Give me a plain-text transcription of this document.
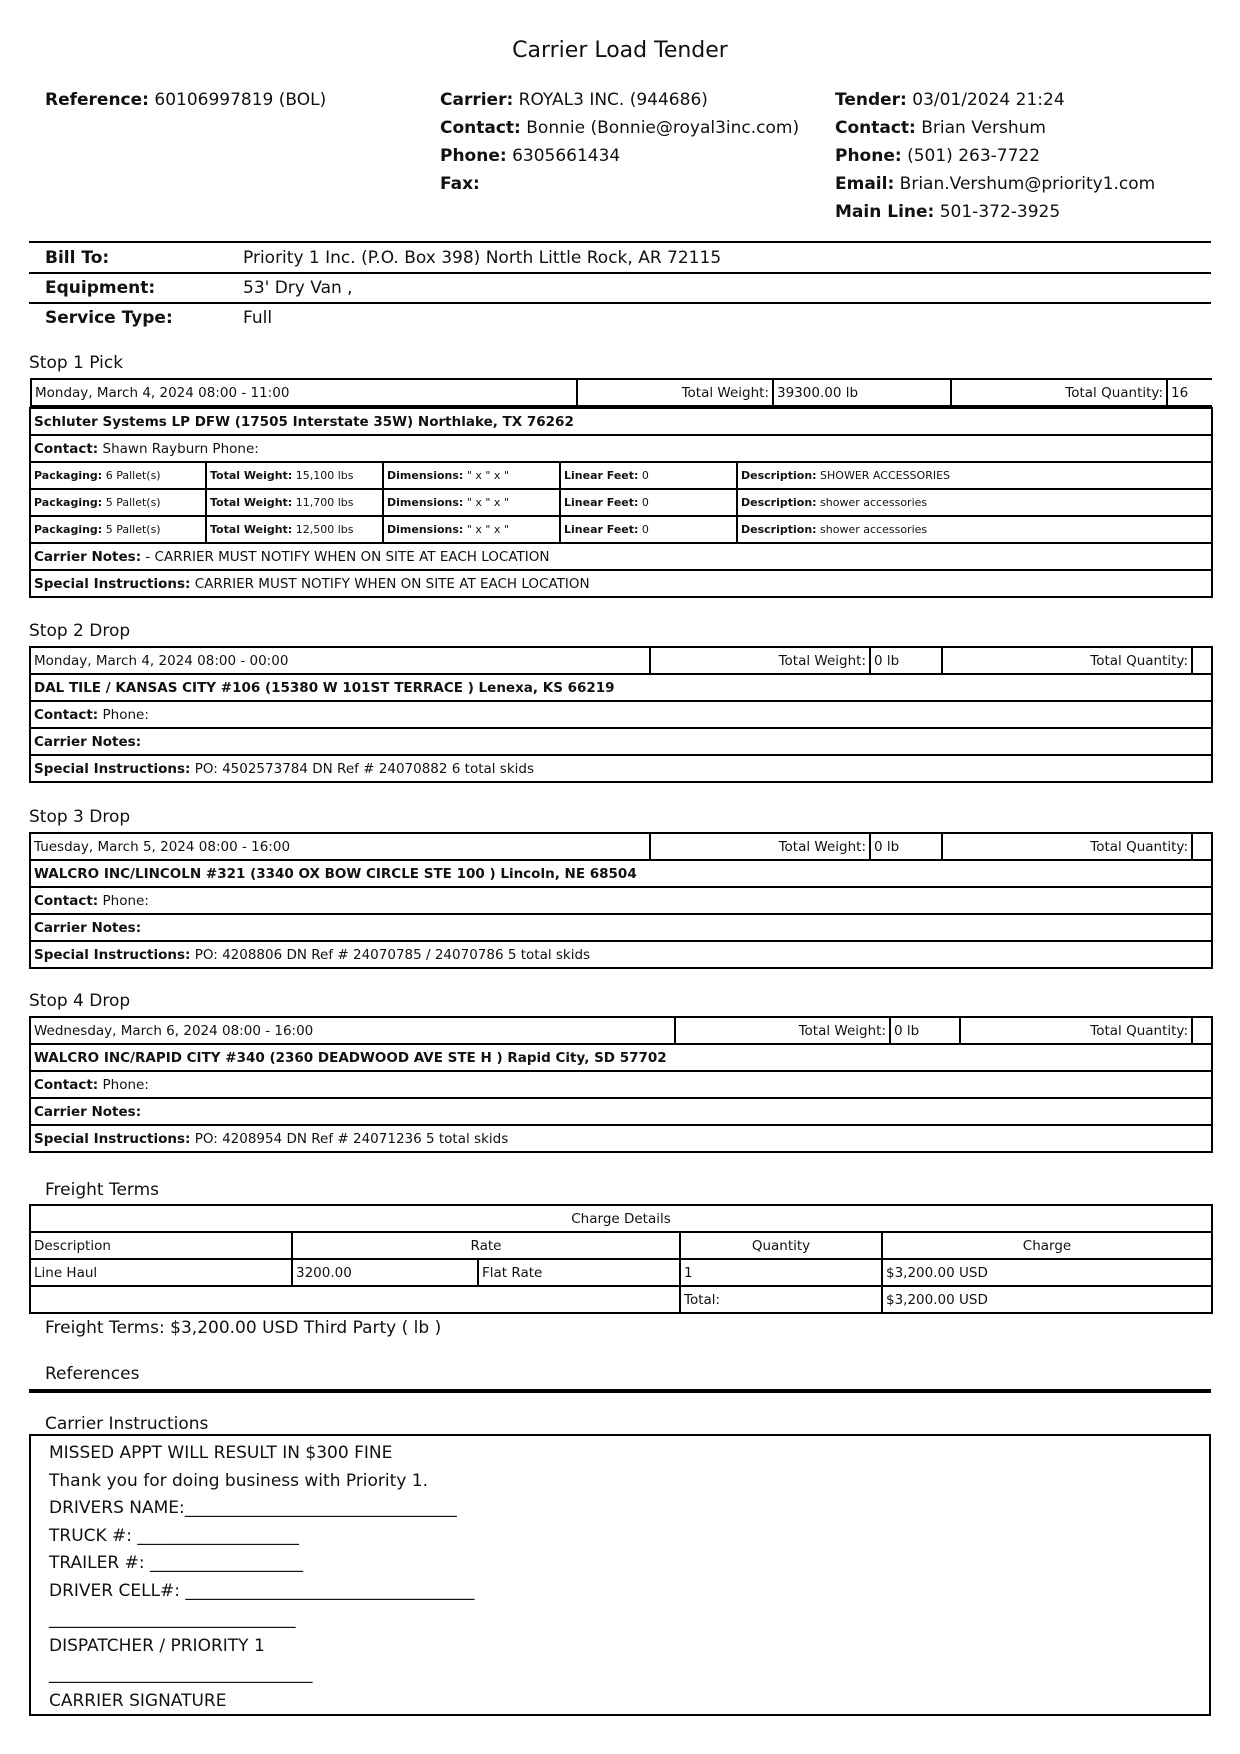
Carrier Load Tender
Reference: 60106997819 (BOL)	Carrier: ROYAL3 INC. (944686)
Contact: Bonnie (Bonnie@royal3inc.com)
Phone: 6305661434
Fax:
Tender: 03/01/2024 21:24
Contact: Brian Vershum
Phone: (501) 263-7722
Email: Brian.Vershum@priority1.com
Main Line: 501-372-3925
Bill To:	Priority 1 Inc. (P.O. Box 398) North Little Rock, AR 72115
Equipment:	53' Dry Van ,
Service Type:	Full
Stop 1 Pick
Monday, March 4, 2024 08:00 - 11:00	Total Weight:	39300.00 lb	Total Quantity:	16

Schluter Systems LP DFW (17505 Interstate 35W) Northlake, TX 76262
Contact: Shawn Rayburn Phone:
Packaging: 6 Pallet(s)	Total Weight: 15,100 lbs	Dimensions: " x " x "	Linear Feet: 0	Description: SHOWER ACCESSORIES
Packaging: 5 Pallet(s)	Total Weight: 11,700 lbs	Dimensions: " x " x "	Linear Feet: 0	Description: shower accessories
Packaging: 5 Pallet(s)	Total Weight: 12,500 lbs	Dimensions: " x " x "	Linear Feet: 0	Description: shower accessories
Carrier Notes: - CARRIER MUST NOTIFY WHEN ON SITE AT EACH LOCATION
Special Instructions: CARRIER MUST NOTIFY WHEN ON SITE AT EACH LOCATION
Stop 2 Drop
Monday, March 4, 2024 08:00 - 00:00	Total Weight:	0 lb	Total Quantity:	
DAL TILE / KANSAS CITY #106 (15380 W 101ST TERRACE ) Lenexa, KS 66219
Contact: Phone:
Carrier Notes:
Special Instructions: PO: 4502573784 DN Ref # 24070882 6 total skids
Stop 3 Drop
Tuesday, March 5, 2024 08:00 - 16:00	Total Weight:	0 lb	Total Quantity:	
WALCRO INC/LINCOLN #321 (3340 OX BOW CIRCLE STE 100 ) Lincoln, NE 68504
Contact: Phone:
Carrier Notes:
Special Instructions: PO: 4208806 DN Ref # 24070785 / 24070786 5 total skids
Stop 4 Drop
Wednesday, March 6, 2024 08:00 - 16:00	Total Weight:	0 lb	Total Quantity:	
WALCRO INC/RAPID CITY #340 (2360 DEADWOOD AVE STE H ) Rapid City, SD 57702
Contact: Phone:
Carrier Notes:
Special Instructions: PO: 4208954 DN Ref # 24071236 5 total skids
Freight Terms
Charge Details				
Description	Rate		Quantity	Charge
Line Haul	3200.00	Flat Rate	1	$3,200.00 USD
			Total:	$3,200.00 USD
Freight Terms: $3,200.00 USD Third Party ( lb )
References
Carrier Instructions
MISSED APPT WILL RESULT IN $300 FINE
Thank you for doing business with Priority 1.
DRIVERS NAME:________________________________
TRUCK #: ___________________
TRAILER #: __________________
DRIVER CELL#: __________________________________
_____________________________
DISPATCHER / PRIORITY 1
_______________________________
CARRIER SIGNATURE
